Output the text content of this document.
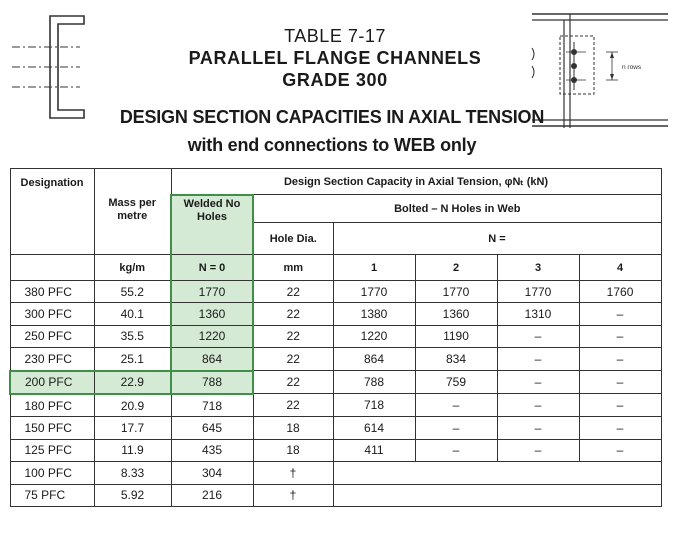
n rows
TABLE 7-17
PARALLEL FLANGE CHANNELS
GRADE 300
DESIGN SECTION CAPACITIES IN AXIAL TENSION
with end connections to WEB only
Designation		Design Section Capacity in Axial Tension, φNₜ (kN)					
	Mass per metre	Welded No Holes	Bolted – N Holes in Web				
			Hole Dia.	N =			
	kg/m	N = 0	mm	1	2	3	4
380 PFC	55.2	1770	22	1770	1770	1770	1760
300 PFC	40.1	1360	22	1380	1360	1310	–
250 PFC	35.5	1220	22	1220	1190	–	–
230 PFC	25.1	864	22	864	834	–	–
200 PFC	22.9	788	22	788	759	–	–
180 PFC	20.9	718	22	718	–	–	–
150 PFC	17.7	645	18	614	–	–	–
125 PFC	11.9	435	18	411	–	–	–
100 PFC	8.33	304	†				
75 PFC	5.92	216	†				
